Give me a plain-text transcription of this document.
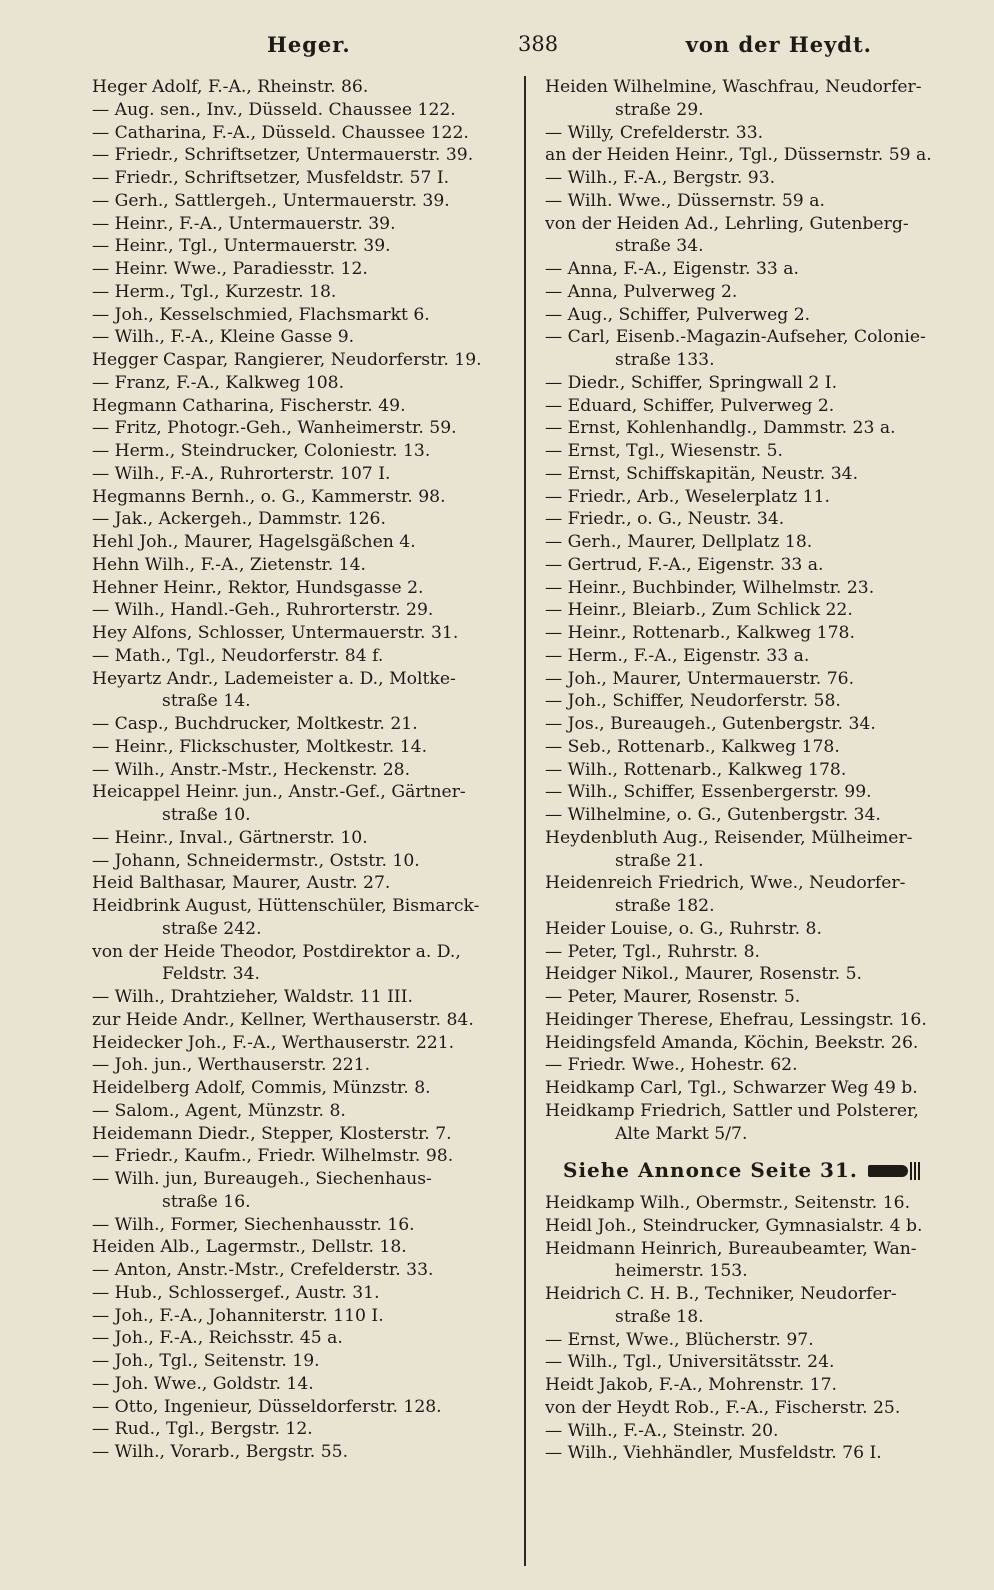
Heger.	388	von der Heydt.
Heger Adolf, F.-A., Rheinstr. 86.
— Aug. sen., Inv., Düsseld. Chaussee 122.
— Catharina, F.-A., Düsseld. Chaussee 122.
— Friedr., Schriftsetzer, Untermauerstr. 39.
— Friedr., Schriftsetzer, Musfeldstr. 57 I.
— Gerh., Sattlergeh., Untermauerstr. 39.
— Heinr., F.-A., Untermauerstr. 39.
— Heinr., Tgl., Untermauerstr. 39.
— Heinr. Wwe., Paradiesstr. 12.
— Herm., Tgl., Kurzestr. 18.
— Joh., Kesselschmied, Flachsmarkt 6.
— Wilh., F.-A., Kleine Gasse 9.
Hegger Caspar, Rangierer, Neudorferstr. 19.
— Franz, F.-A., Kalkweg 108.
Hegmann Catharina, Fischerstr. 49.
— Fritz, Photogr.-Geh., Wanheimerstr. 59.
— Herm., Steindrucker, Coloniestr. 13.
— Wilh., F.-A., Ruhrorterstr. 107 I.
Hegmanns Bernh., o. G., Kammerstr. 98.
— Jak., Ackergeh., Dammstr. 126.
Hehl Joh., Maurer, Hagelsgäßchen 4.
Hehn Wilh., F.-A., Zietenstr. 14.
Hehner Heinr., Rektor, Hundsgasse 2.
— Wilh., Handl.-Geh., Ruhrorterstr. 29.
Hey Alfons, Schlosser, Untermauerstr. 31.
— Math., Tgl., Neudorferstr. 84 f.
Heyartz Andr., Lademeister a. D., Moltke-
straße 14.
— Casp., Buchdrucker, Moltkestr. 21.
— Heinr., Flickschuster, Moltkestr. 14.
— Wilh., Anstr.-Mstr., Heckenstr. 28.
Heicappel Heinr. jun., Anstr.-Gef., Gärtner-
straße 10.
— Heinr., Inval., Gärtnerstr. 10.
— Johann, Schneidermstr., Oststr. 10.
Heid Balthasar, Maurer, Austr. 27.
Heidbrink August, Hüttenschüler, Bismarck-
straße 242.
von der Heide Theodor, Postdirektor a. D.,
Feldstr. 34.
— Wilh., Drahtzieher, Waldstr. 11 III.
zur Heide Andr., Kellner, Werthauserstr. 84.
Heidecker Joh., F.-A., Werthauserstr. 221.
— Joh. jun., Werthauserstr. 221.
Heidelberg Adolf, Commis, Münzstr. 8.
— Salom., Agent, Münzstr. 8.
Heidemann Diedr., Stepper, Klosterstr. 7.
— Friedr., Kaufm., Friedr. Wilhelmstr. 98.
— Wilh. jun, Bureaugeh., Siechenhaus-
straße 16.
— Wilh., Former, Siechenhausstr. 16.
Heiden Alb., Lagermstr., Dellstr. 18.
— Anton, Anstr.-Mstr., Crefelderstr. 33.
— Hub., Schlossergef., Austr. 31.
— Joh., F.-A., Johanniterstr. 110 I.
— Joh., F.-A., Reichsstr. 45 a.
— Joh., Tgl., Seitenstr. 19.
— Joh. Wwe., Goldstr. 14.
— Otto, Ingenieur, Düsseldorferstr. 128.
— Rud., Tgl., Bergstr. 12.
— Wilh., Vorarb., Bergstr. 55.
Heiden Wilhelmine, Waschfrau, Neudorfer-
straße 29.
— Willy, Crefelderstr. 33.
an der Heiden Heinr., Tgl., Düssernstr. 59 a.
— Wilh., F.-A., Bergstr. 93.
— Wilh. Wwe., Düssernstr. 59 a.
von der Heiden Ad., Lehrling, Gutenberg-
straße 34.
— Anna, F.-A., Eigenstr. 33 a.
— Anna, Pulverweg 2.
— Aug., Schiffer, Pulverweg 2.
— Carl, Eisenb.-Magazin-Aufseher, Colonie-
straße 133.
— Diedr., Schiffer, Springwall 2 I.
— Eduard, Schiffer, Pulverweg 2.
— Ernst, Kohlenhandlg., Dammstr. 23 a.
— Ernst, Tgl., Wiesenstr. 5.
— Ernst, Schiffskapitän, Neustr. 34.
— Friedr., Arb., Weselerplatz 11.
— Friedr., o. G., Neustr. 34.
— Gerh., Maurer, Dellplatz 18.
— Gertrud, F.-A., Eigenstr. 33 a.
— Heinr., Buchbinder, Wilhelmstr. 23.
— Heinr., Bleiarb., Zum Schlick 22.
— Heinr., Rottenarb., Kalkweg 178.
— Herm., F.-A., Eigenstr. 33 a.
— Joh., Maurer, Untermauerstr. 76.
— Joh., Schiffer, Neudorferstr. 58.
— Jos., Bureaugeh., Gutenbergstr. 34.
— Seb., Rottenarb., Kalkweg 178.
— Wilh., Rottenarb., Kalkweg 178.
— Wilh., Schiffer, Essenbergerstr. 99.
— Wilhelmine, o. G., Gutenbergstr. 34.
Heydenbluth Aug., Reisender, Mülheimer-
straße 21.
Heidenreich Friedrich, Wwe., Neudorfer-
straße 182.
Heider Louise, o. G., Ruhrstr. 8.
— Peter, Tgl., Ruhrstr. 8.
Heidger Nikol., Maurer, Rosenstr. 5.
— Peter, Maurer, Rosenstr. 5.
Heidinger Therese, Ehefrau, Lessingstr. 16.
Heidingsfeld Amanda, Köchin, Beekstr. 26.
— Friedr. Wwe., Hohestr. 62.
Heidkamp Carl, Tgl., Schwarzer Weg 49 b.
Heidkamp Friedrich, Sattler und Polsterer,
Alte Markt 5/7.
Siehe Annonce Seite 31.
Heidkamp Wilh., Obermstr., Seitenstr. 16.
Heidl Joh., Steindrucker, Gymnasialstr. 4 b.
Heidmann Heinrich, Bureaubeamter, Wan-
heimerstr. 153.
Heidrich C. H. B., Techniker, Neudorfer-
straße 18.
— Ernst, Wwe., Blücherstr. 97.
— Wilh., Tgl., Universitätsstr. 24.
Heidt Jakob, F.-A., Mohrenstr. 17.
von der Heydt Rob., F.-A., Fischerstr. 25.
— Wilh., F.-A., Steinstr. 20.
— Wilh., Viehhändler, Musfeldstr. 76 I.
